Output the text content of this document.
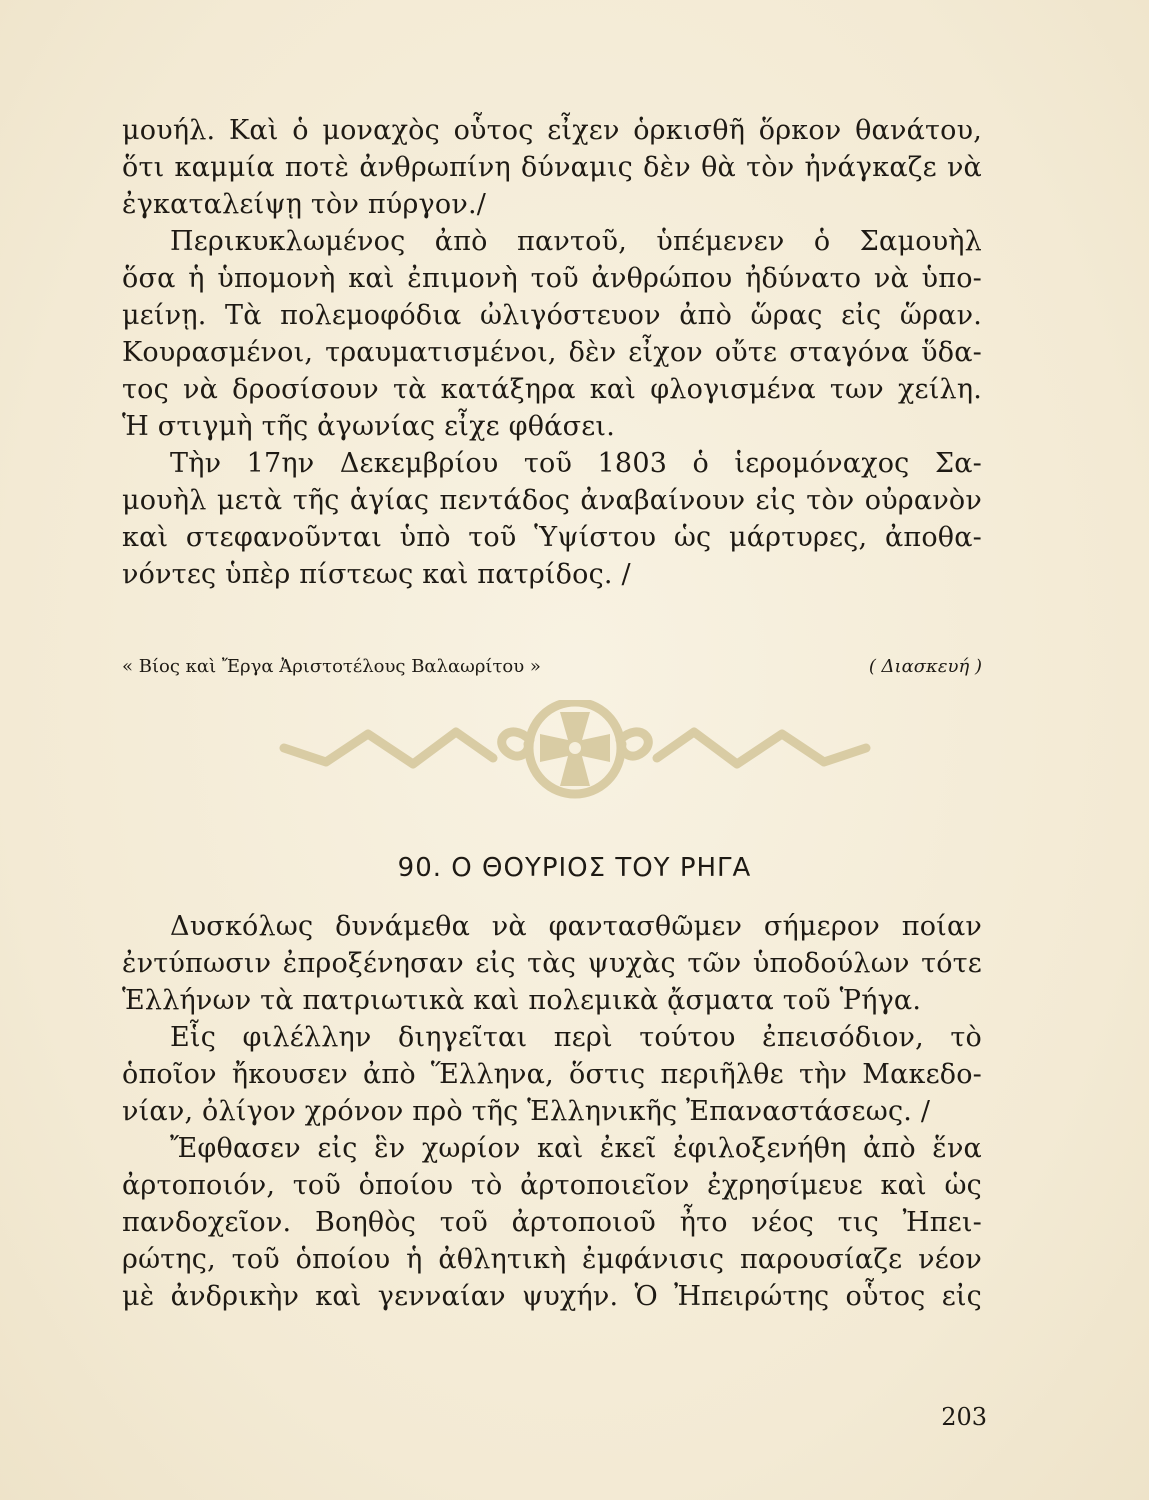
μουήλ. Καὶ ὁ μοναχὸς οὗτος εἶχεν ὁρκισθῆ ὅρκον θανάτου,
ὅτι καμμία ποτὲ ἀνθρωπίνη δύναμις δὲν θὰ τὸν ἠνάγκαζε νὰ
ἐγκαταλείψῃ τὸν πύργον./
Περικυκλωμένος ἀπὸ παντοῦ, ὑπέμενεν ὁ Σαμουὴλ
ὅσα ἡ ὑπομονὴ καὶ ἐπιμονὴ τοῦ ἀνθρώπου ἠδύνατο νὰ ὑπο-
μείνῃ. Τὰ πολεμοφόδια ὠλιγόστευον ἀπὸ ὥρας εἰς ὥραν.
Κουρασμένοι, τραυματισμένοι, δὲν εἶχον οὔτε σταγόνα ὕδα-
τος νὰ δροσίσουν τὰ κατάξηρα καὶ φλογισμένα των χείλη.
Ἡ στιγμὴ τῆς ἀγωνίας εἶχε φθάσει.
Τὴν 17ην Δεκεμβρίου τοῦ 1803 ὁ ἱερομόναχος Σα-
μουὴλ μετὰ τῆς ἁγίας πεντάδος ἀναβαίνουν εἰς τὸν οὐρανὸν
καὶ στεφανοῦνται ὑπὸ τοῦ Ὑψίστου ὡς μάρτυρες, ἀποθα-
νόντες ὑπὲρ πίστεως καὶ πατρίδος. /
« Βίος καὶ Ἔργα Ἀριστοτέλους Βαλαωρίτου »	( Διασκευή )
90. Ο ΘΟΥΡΙΟΣ ΤΟΥ ΡΗΓΑ
Δυσκόλως δυνάμεθα νὰ φαντασθῶμεν σήμερον ποίαν
ἐντύπωσιν ἐπροξένησαν εἰς τὰς ψυχὰς τῶν ὑποδούλων τότε
Ἑλλήνων τὰ πατριωτικὰ καὶ πολεμικὰ ᾄσματα τοῦ Ῥήγα.
Εἷς φιλέλλην διηγεῖται περὶ τούτου ἐπεισόδιον, τὸ
ὁποῖον ἤκουσεν ἀπὸ Ἕλληνα, ὅστις περιῆλθε τὴν Μακεδο-
νίαν, ὀλίγον χρόνον πρὸ τῆς Ἑλληνικῆς Ἐπαναστάσεως. /
Ἔφθασεν εἰς ἓν χωρίον καὶ ἐκεῖ ἐφιλοξενήθη ἀπὸ ἕνα
ἀρτοποιόν, τοῦ ὁποίου τὸ ἀρτοποιεῖον ἐχρησίμευε καὶ ὡς
πανδοχεῖον. Βοηθὸς τοῦ ἀρτοποιοῦ ἦτο νέος τις Ἠπει-
ρώτης, τοῦ ὁποίου ἡ ἀθλητικὴ ἐμφάνισις παρουσίαζε νέον
μὲ ἀνδρικὴν καὶ γενναίαν ψυχήν. Ὁ Ἠπειρώτης οὗτος εἰς
203
